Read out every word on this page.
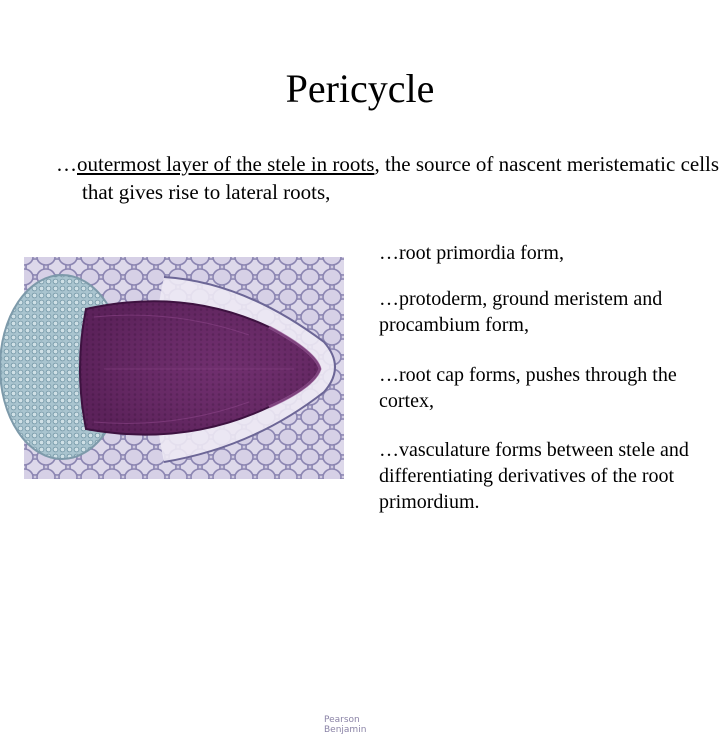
Pericycle
…outermost layer of the stele in roots, the source of nascent meristematic cells that gives rise to lateral roots,
Pearson
Benjamin

…root primordia form,

…protoderm, ground meristem and procambium form,

…root cap forms, pushes through the cortex,

…vasculature forms between stele and differentiating derivatives of the root primordium.
